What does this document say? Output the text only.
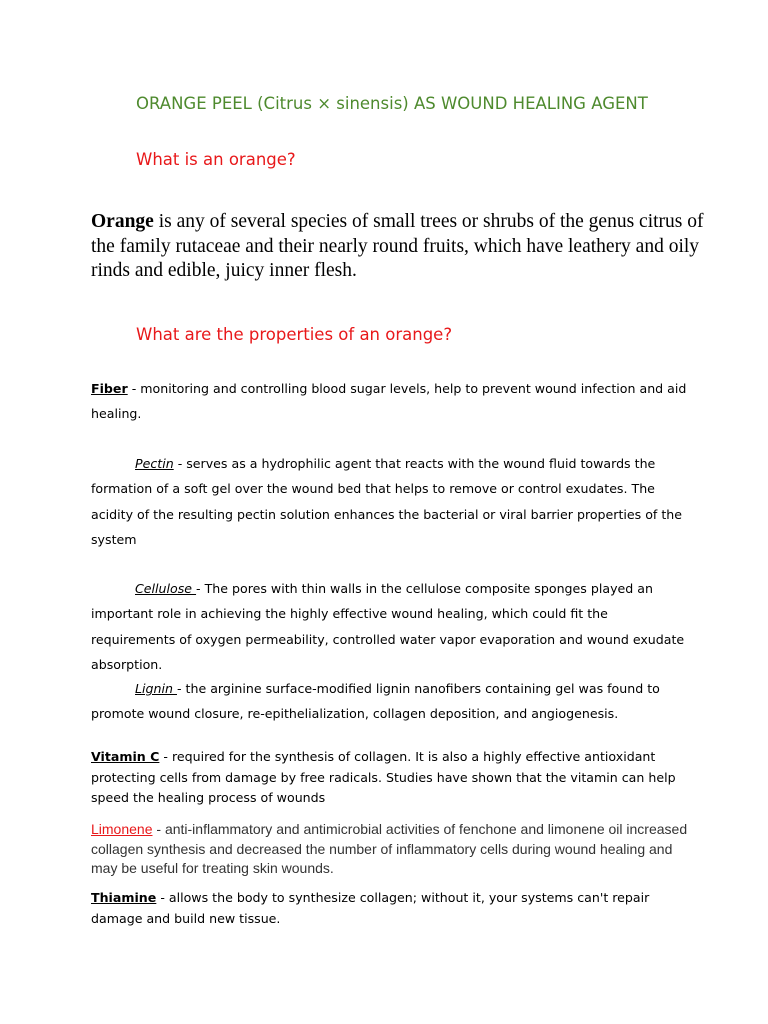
ORANGE PEEL (Citrus × sinensis) AS WOUND HEALING AGENT
What is an orange?
Orange is any of several species of small trees or shrubs of the genus citrus of the family rutaceae and their nearly round fruits, which have leathery and oily rinds and edible, juicy inner flesh.
What are the properties of an orange?
Fiber - monitoring and controlling blood sugar levels, help to prevent wound infection and aid healing.
Pectin - serves as a hydrophilic agent that reacts with the wound fluid towards the formation of a soft gel over the wound bed that helps to remove or control exudates. The acidity of the resulting pectin solution enhances the bacterial or viral barrier properties of the system
Cellulose - The pores with thin walls in the cellulose composite sponges played an important role in achieving the highly effective wound healing, which could fit the requirements of oxygen permeability, controlled water vapor evaporation and wound exudate absorption.
Lignin - the arginine surface-modified lignin nanofibers containing gel was found to promote wound closure, re-epithelialization, collagen deposition, and angiogenesis.
Vitamin C - required for the synthesis of collagen. It is also a highly effective antioxidant protecting cells from damage by free radicals. Studies have shown that the vitamin can help speed the healing process of wounds
Limonene - anti-inflammatory and antimicrobial activities of fenchone and limonene oil increased collagen synthesis and decreased the number of inflammatory cells during wound healing and may be useful for treating skin wounds.
Thiamine - allows the body to synthesize collagen; without it, your systems can't repair damage and build new tissue.
